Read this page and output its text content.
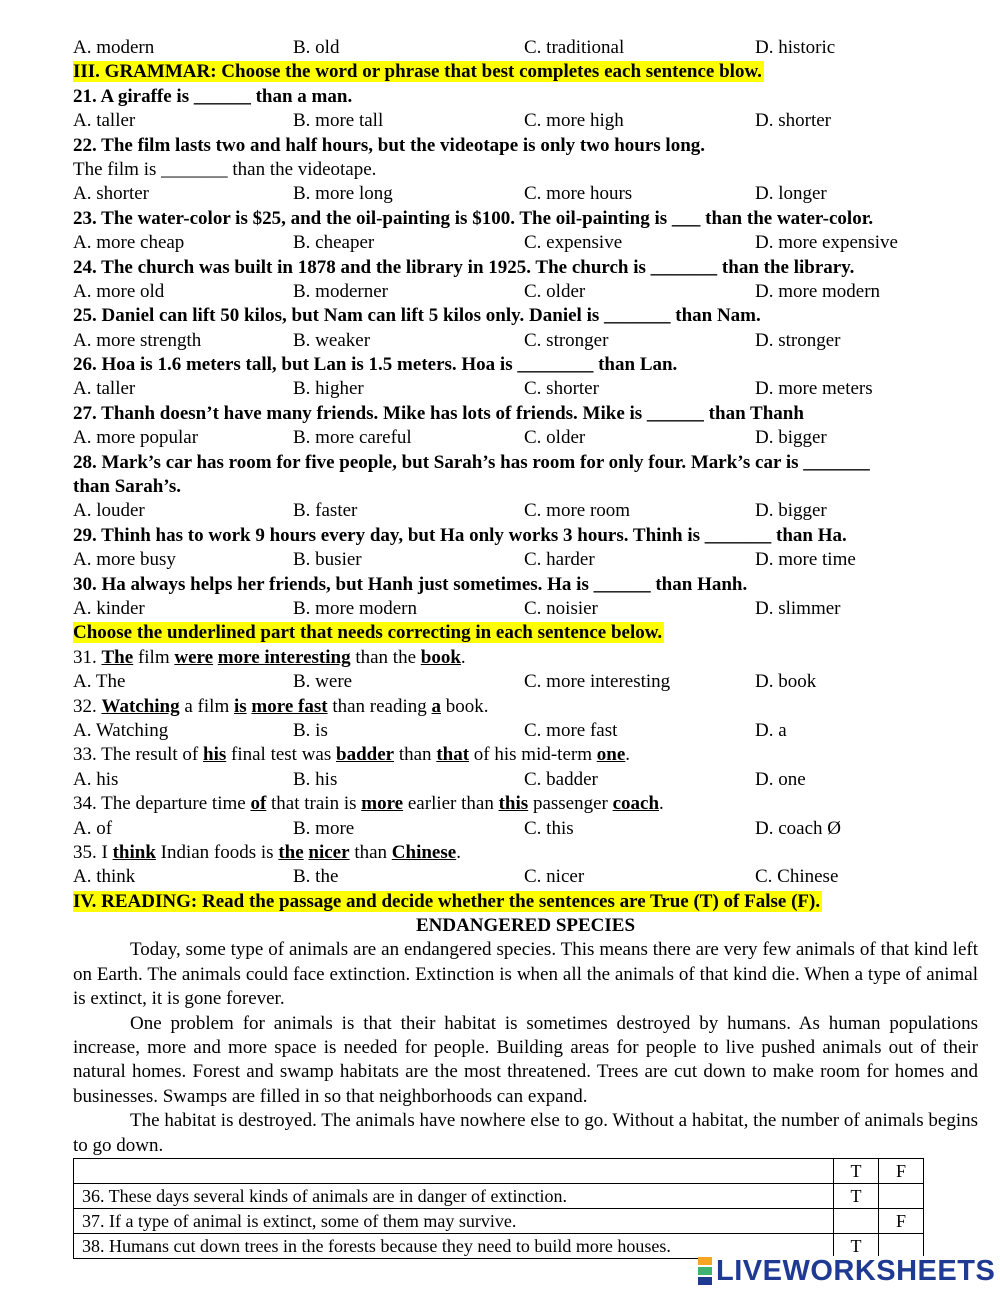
A. modern	B. old	C. traditional	D. historic
III. GRAMMAR: Choose the word or phrase that best completes each sentence blow.
21. A giraffe is ______ than a man.
A. taller	B. more tall	C. more high	D. shorter
22. The film lasts two and half hours, but the videotape is only two hours long.
The film is _______ than the videotape.
A. shorter	B. more long	C. more hours	D. longer
23. The water-color is $25, and the oil-painting is $100. The oil-painting is ___ than the water-color.
A. more cheap	B. cheaper	C. expensive	D. more expensive
24. The church was built in 1878 and the library in 1925. The church is _______ than the library.
A. more old	B. moderner	C. older	D. more modern
25. Daniel can lift 50 kilos, but Nam can lift 5 kilos only. Daniel is _______ than Nam.
A. more strength	B. weaker	C. stronger	D. stronger
26. Hoa is 1.6 meters tall, but Lan is 1.5 meters. Hoa is ________ than Lan.
A. taller	B. higher	C. shorter	D. more meters
27. Thanh doesn’t have many friends. Mike has lots of friends. Mike is ______ than Thanh
A. more popular	B. more careful	C. older	D. bigger
28. Mark’s car has room for five people, but Sarah’s has room for only four. Mark’s car is _______
than Sarah’s.
A. louder	B. faster	C. more room	D. bigger
29. Thinh has to work 9 hours every day, but Ha only works 3 hours. Thinh is _______ than Ha.
A. more busy	B. busier	C. harder	D. more time
30. Ha always helps her friends, but Hanh just sometimes. Ha is ______ than Hanh.
A. kinder	B. more modern	C. noisier	D. slimmer
Choose the underlined part that needs correcting in each sentence below.
31. The film were more interesting than the book.
A. The	B. were	C. more interesting	D. book
32. Watching a film is more fast than reading a book.
A. Watching	B. is	C. more fast	D. a
33. The result of his final test was badder than that of his mid-term one.
A. his	B. his	C. badder	D. one
34. The departure time of that train is more earlier than this passenger coach.
A. of	B. more	C. this	D. coach Ø
35. I think Indian foods is the nicer than Chinese.
A. think	B. the	C. nicer	C. Chinese
IV. READING: Read the passage and decide whether the sentences are True (T) of False (F).
ENDANGERED SPECIES
Today, some type of animals are an endangered species. This means there are very few animals of that kind left on Earth. The animals could face extinction. Extinction is when all the animals of that kind die. When a type of animal is extinct, it is gone forever.
One problem for animals is that their habitat is sometimes destroyed by humans. As human populations increase, more and more space is needed for people. Building areas for people to live pushed animals out of their natural homes. Forest and swamp habitats are the most threatened. Trees are cut down to make room for homes and businesses. Swamps are filled in so that neighborhoods can expand.
The habitat is destroyed. The animals have nowhere else to go. Without a habitat, the number of animals begins to go down.
	T	F
36. These days several kinds of animals are in danger of extinction.	T	
37. If a type of animal is extinct, some of them may survive.		F
38. Humans cut down trees in the forests because they need to build more houses.	T	
LIVEWORKSHEETS
